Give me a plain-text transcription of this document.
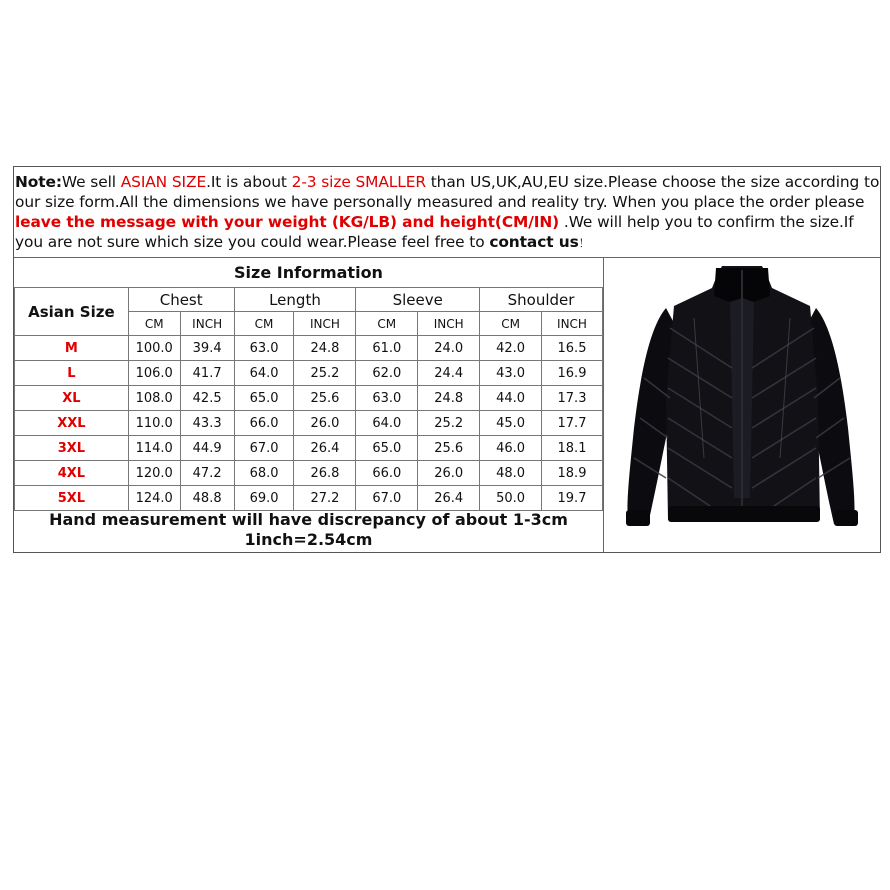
Note:We sell ASIAN SIZE.It is about 2-3 size SMALLER than US,UK,AU,EU size.Please choose the size according to our size form.All the dimensions we have personally measured and reality try. When you place the order please leave the message with your weight (KG/LB) and height(CM/IN) .We will help you to confirm the size.If you are not sure which size you could wear.Please feel free to contact us！
Size Information
Asian Size	Chest		Length		Sleeve		Shoulder	
	CM	INCH	CM	INCH	CM	INCH	CM	INCH
M	100.0	39.4	63.0	24.8	61.0	24.0	42.0	16.5
L	106.0	41.7	64.0	25.2	62.0	24.4	43.0	16.9
XL	108.0	42.5	65.0	25.6	63.0	24.8	44.0	17.3
XXL	110.0	43.3	66.0	26.0	64.0	25.2	45.0	17.7
3XL	114.0	44.9	67.0	26.4	65.0	25.6	46.0	18.1
4XL	120.0	47.2	68.0	26.8	66.0	26.0	48.0	18.9
5XL	124.0	48.8	69.0	27.2	67.0	26.4	50.0	19.7
Hand measurement will have discrepancy of about 1-3cm
1inch=2.54cm
